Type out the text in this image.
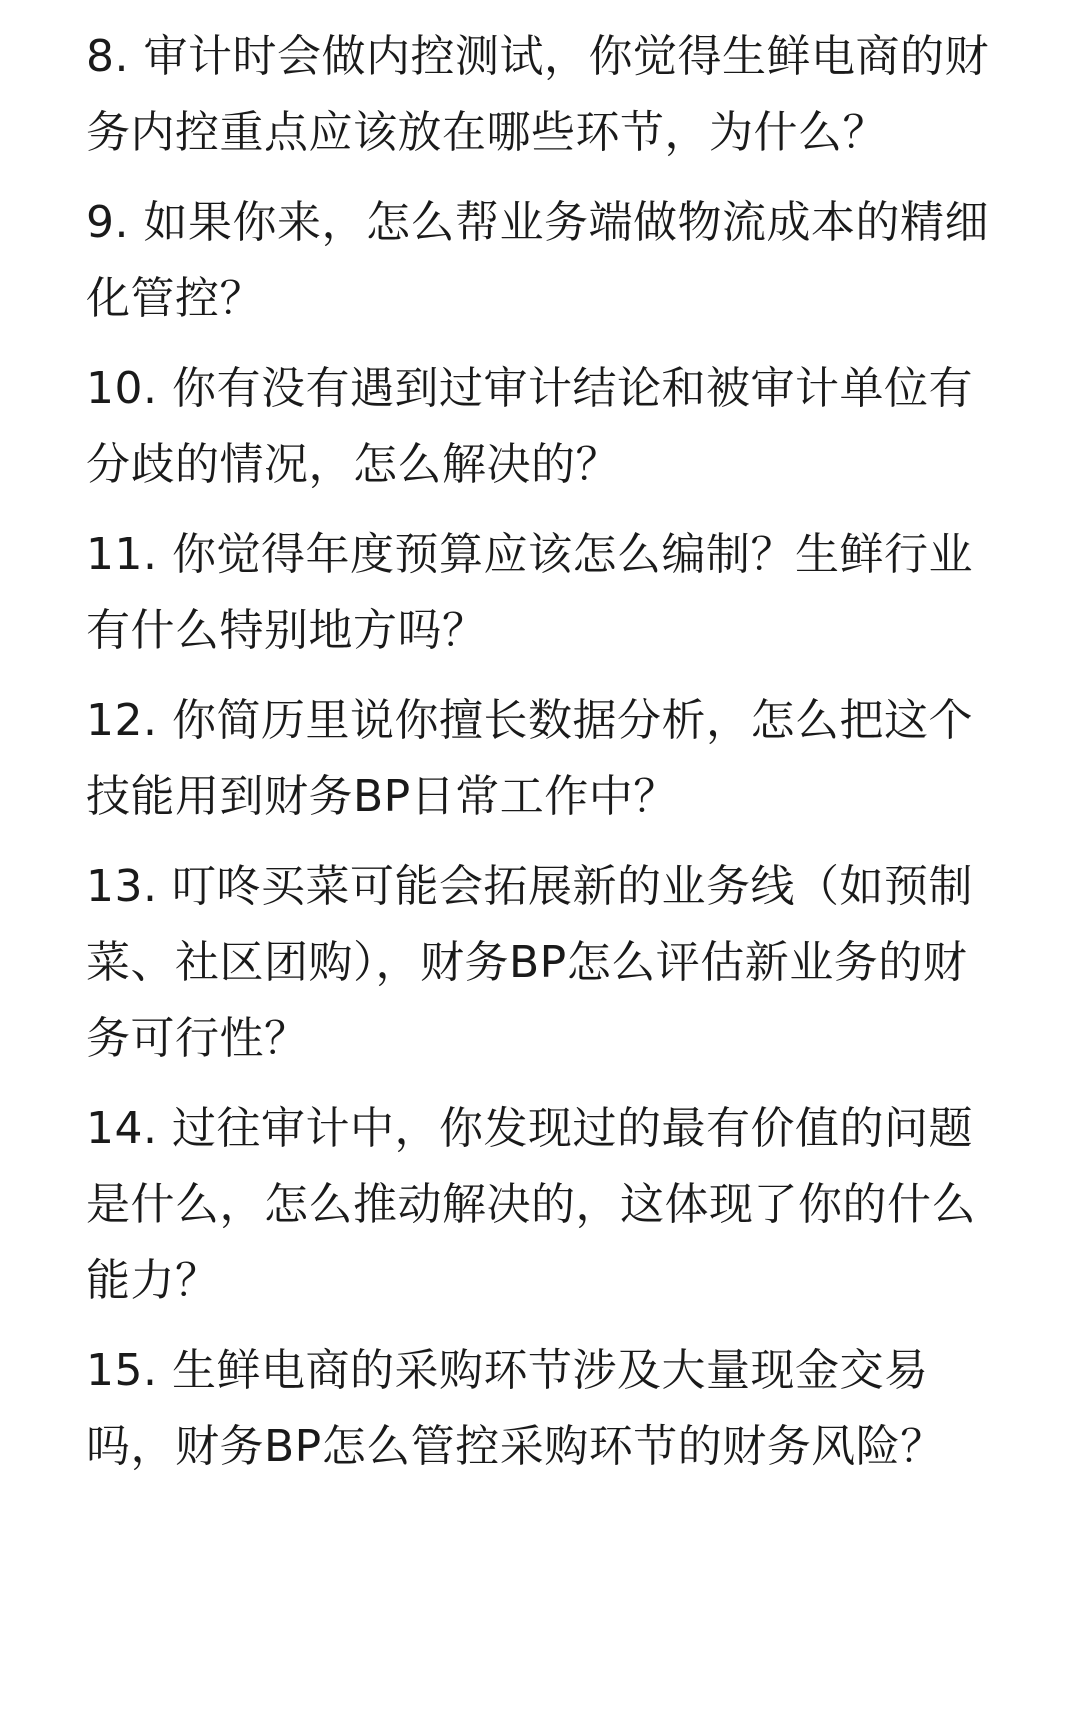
8. 审计时会做内控测试，你觉得生鲜电商的财务内控重点应该放在哪些环节，为什么？

9. 如果你来，怎么帮业务端做物流成本的精细化管控？

10. 你有没有遇到过审计结论和被审计单位有分歧的情况，怎么解决的？

11. 你觉得年度预算应该怎么编制？生鲜行业有什么特别地方吗？

12. 你简历里说你擅长数据分析，怎么把这个技能用到财务BP日常工作中？

13. 叮咚买菜可能会拓展新的业务线（如预制菜、社区团购），财务BP怎么评估新业务的财务可行性？

14. 过往审计中，你发现过的最有价值的问题是什么，怎么推动解决的，这体现了你的什么能力？

15. 生鲜电商的采购环节涉及大量现金交易吗，财务BP怎么管控采购环节的财务风险？
